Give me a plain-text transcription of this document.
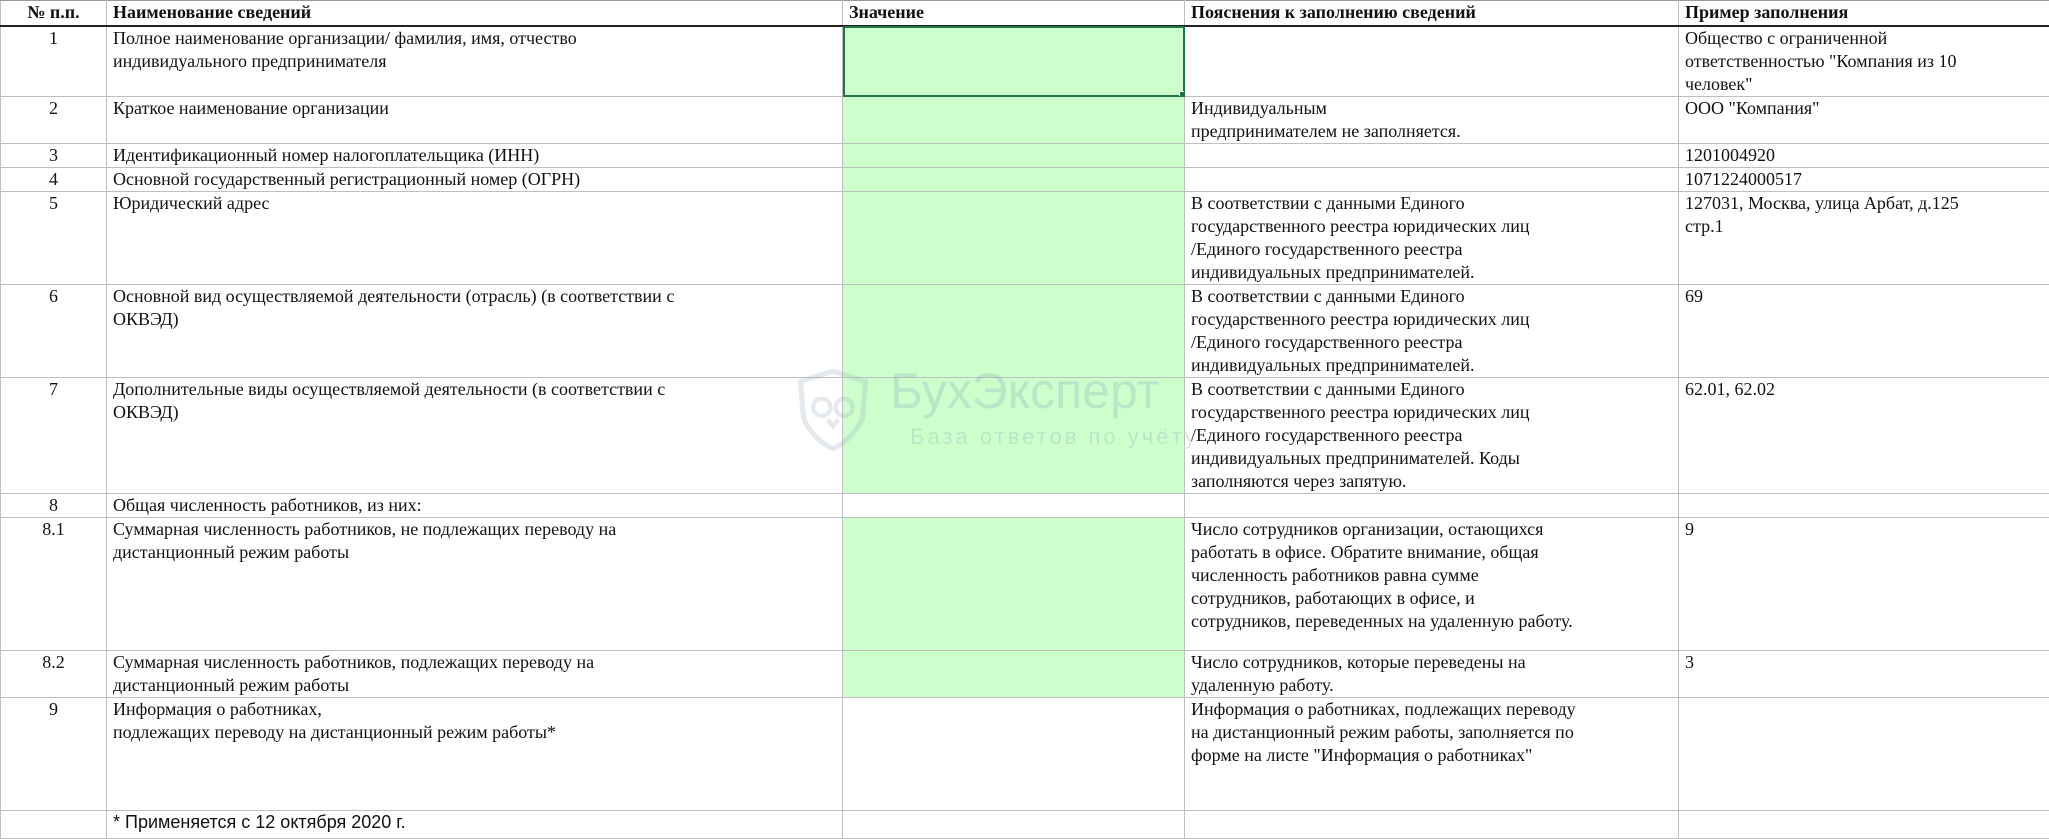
№ п.п.	Наименование сведений	Значение	Пояснения к заполнению сведений	Пример заполнения
1	Полное наименование организации/ фамилия, имя, отчество
индивидуального предпринимателя			Общество с ограниченной
ответственностью "Компания из 10
человек"
2	Краткое наименование организации		Индивидуальным
предпринимателем не заполняется.	ООО "Компания"
3	Идентификационный номер налогоплательщика (ИНН)			1201004920
4	Основной государственный регистрационный номер (ОГРН)			1071224000517
5	Юридический адрес		В соответствии с данными Единого
государственного реестра юридических лиц
/Единого государственного реестра
индивидуальных предпринимателей.	127031, Москва, улица Арбат, д.125
стр.1
6	Основной вид осуществляемой деятельности (отрасль) (в соответствии с
ОКВЭД)		В соответствии с данными Единого
государственного реестра юридических лиц
/Единого государственного реестра
индивидуальных предпринимателей.	69
7	Дополнительные виды осуществляемой деятельности (в соответствии с
ОКВЭД)		В соответствии с данными Единого
государственного реестра юридических лиц
/Единого государственного реестра
индивидуальных предпринимателей. Коды
заполняются через запятую.	62.01, 62.02
8	Общая численность работников, из них:			
8.1	Суммарная численность работников, не подлежащих переводу на
дистанционный режим работы		Число сотрудников организации, остающихся
работать в офисе. Обратите внимание, общая
численность работников равна сумме
сотрудников, работающих в офисе, и
сотрудников, переведенных на удаленную работу.	9
8.2	Суммарная численность работников, подлежащих переводу на
дистанционный режим работы		Число сотрудников, которые переведены на
удаленную работу.	3
9	Информация о работниках,
подлежащих переводу на дистанционный режим работы*		Информация о работниках, подлежащих переводу
на дистанционный режим работы, заполняется по
форме на листе "Информация о работниках"	
	* Применяется с 12 октября 2020 г.			
БухЭксперт
База ответов по учёту
